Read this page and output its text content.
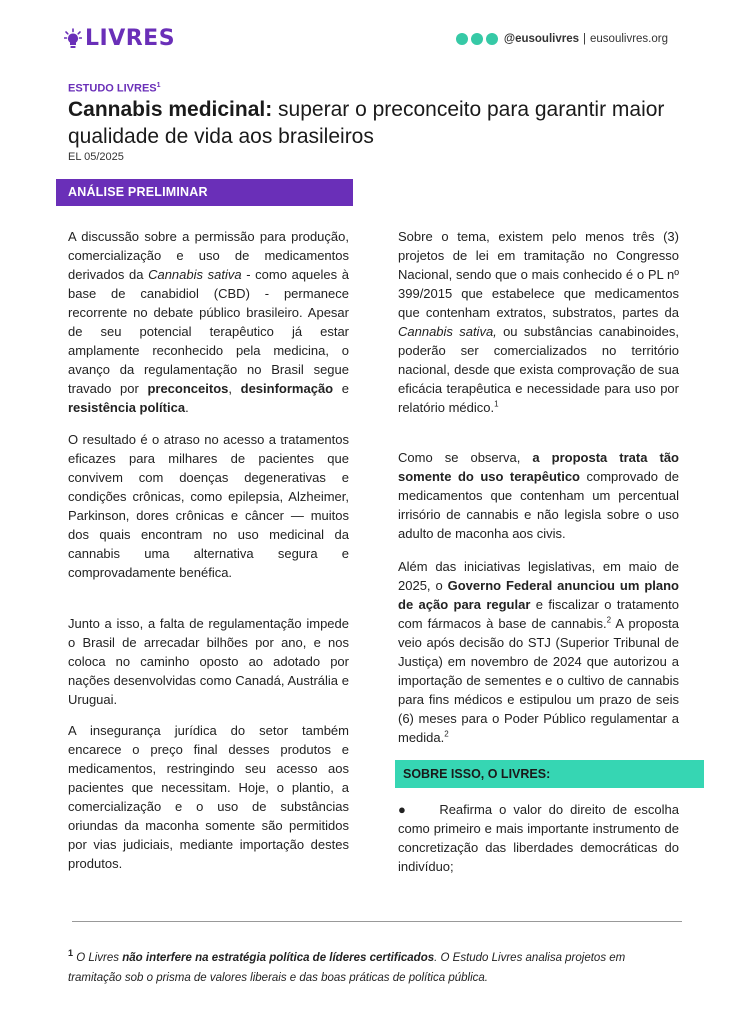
LIVRES	@eusoulivres | eusoulivres.org
ESTUDO LIVRES$^1$
Cannabis medicinal: superar o preconceito para garantir maior qualidade de vida aos brasileiros
EL 05/2025
ANÁLISE PRELIMINAR
A discussão sobre a permissão para produção, comercialização e uso de medicamentos derivados da Cannabis sativa - como aqueles à base de canabidiol (CBD) - permanece recorrente no debate público brasileiro. Apesar de seu potencial terapêutico já estar amplamente reconhecido pela medicina, o avanço da regulamentação no Brasil segue travado por preconceitos, desinformação e resistência política.
O resultado é o atraso no acesso a tratamentos eficazes para milhares de pacientes que convivem com doenças degenerativas e condições crônicas, como epilepsia, Alzheimer, Parkinson, dores crônicas e câncer — muitos dos quais encontram no uso medicinal da cannabis uma alternativa segura e comprovadamente benéfica.
Junto a isso, a falta de regulamentação impede o Brasil de arrecadar bilhões por ano, e nos coloca no caminho oposto ao adotado por nações desenvolvidas como Canadá, Austrália e Uruguai.
A insegurança jurídica do setor também encarece o preço final desses produtos e medicamentos, restringindo seu acesso aos pacientes que necessitam. Hoje, o plantio, a comercialização e o uso de substâncias oriundas da maconha somente são permitidos por vias judiciais, mediante importação destes produtos.
Sobre o tema, existem pelo menos três (3) projetos de lei em tramitação no Congresso Nacional, sendo que o mais conhecido é o PL nº 399/2015 que estabelece que medicamentos que contenham extratos, substratos, partes da Cannabis sativa, ou substâncias canabinoides, poderão ser comercializados no território nacional, desde que exista comprovação de sua eficácia terapêutica e necessidade para uso por relatório médico.$^1$
Como se observa, a proposta trata tão somente do uso terapêutico comprovado de medicamentos que contenham um percentual irrisório de cannabis e não legisla sobre o uso adulto de maconha aos civis.
Além das iniciativas legislativas, em maio de 2025, o Governo Federal anunciou um plano de ação para regular e fiscalizar o tratamento com fármacos à base de cannabis.$^2$ A proposta veio após decisão do STJ (Superior Tribunal de Justiça) em novembro de 2024 que autorizou a importação de sementes e o cultivo de cannabis para fins médicos e estipulou um prazo de seis (6) meses para o Poder Público regulamentar a medida.$^2$
SOBRE ISSO, O LIVRES:
● Reafirma o valor do direito de escolha como primeiro e mais importante instrumento de concretização das liberdades democráticas do indivíduo;
$^1$ O Livres não interfere na estratégia política de líderes certificados. O Estudo Livres analisa projetos em tramitação sob o prisma de valores liberais e das boas práticas de política pública.
